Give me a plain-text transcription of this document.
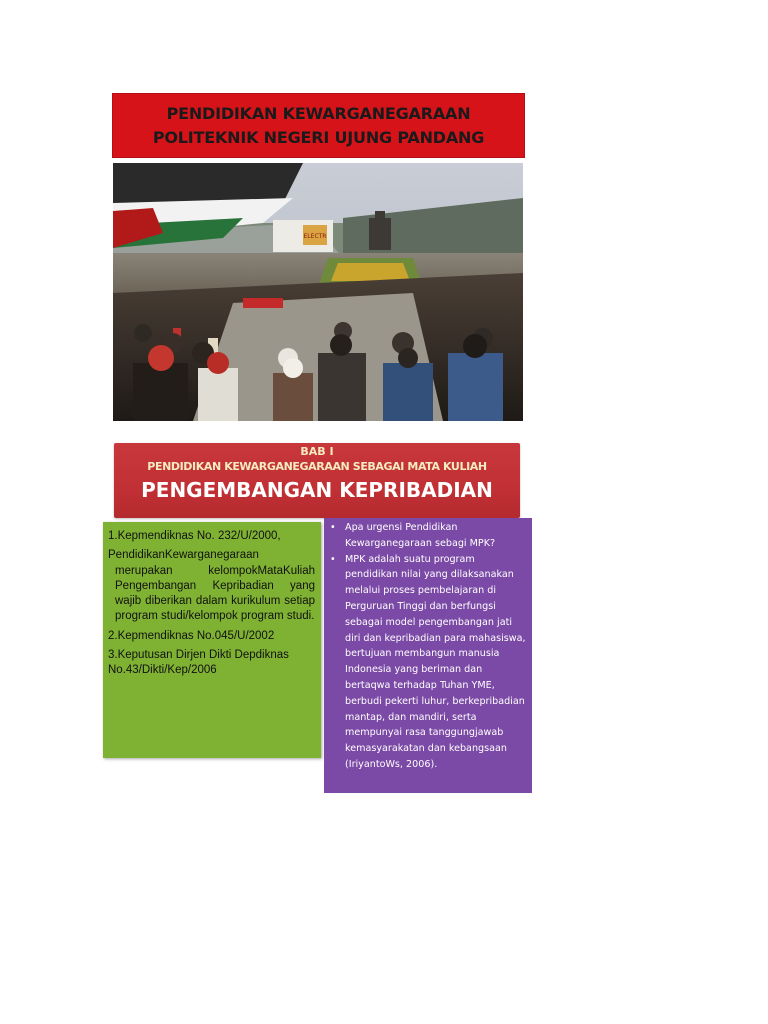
PENDIDIKAN KEWARGANEGARAAN
POLITEKNIK NEGERI UJUNG PANDANG
ELECTR
BAB I
PENDIDIKAN KEWARGANEGARAAN SEBAGAI MATA KULIAH
PENGEMBANGAN KEPRIBADIAN

1.Kepmendiknas No. 232/U/2000,

PendidikanKewarganegaraan

merupakan kelompokMataKuliah Pengembangan Kepribadian yang wajib diberikan dalam kurikulum setiap program studi/kelompok program studi.

2.Kepmendiknas No.045/U/2002

3.Keputusan Dirjen Dikti Depdiknas No.43/Dikti/Kep/2006

• Apa urgensi Pendidikan Kewarganegaraan sebagi MPK?

• MPK adalah suatu program pendidikan nilai yang dilaksanakan melalui proses pembelajaran di Perguruan Tinggi dan berfungsi sebagai model pengembangan jati diri dan kepribadian para mahasiswa, bertujuan membangun manusia Indonesia yang beriman dan bertaqwa terhadap Tuhan YME, berbudi pekerti luhur, berkepribadian mantap, dan mandiri, serta mempunyai rasa tanggungjawab kemasyarakatan dan kebangsaan (IriyantoWs, 2006).
